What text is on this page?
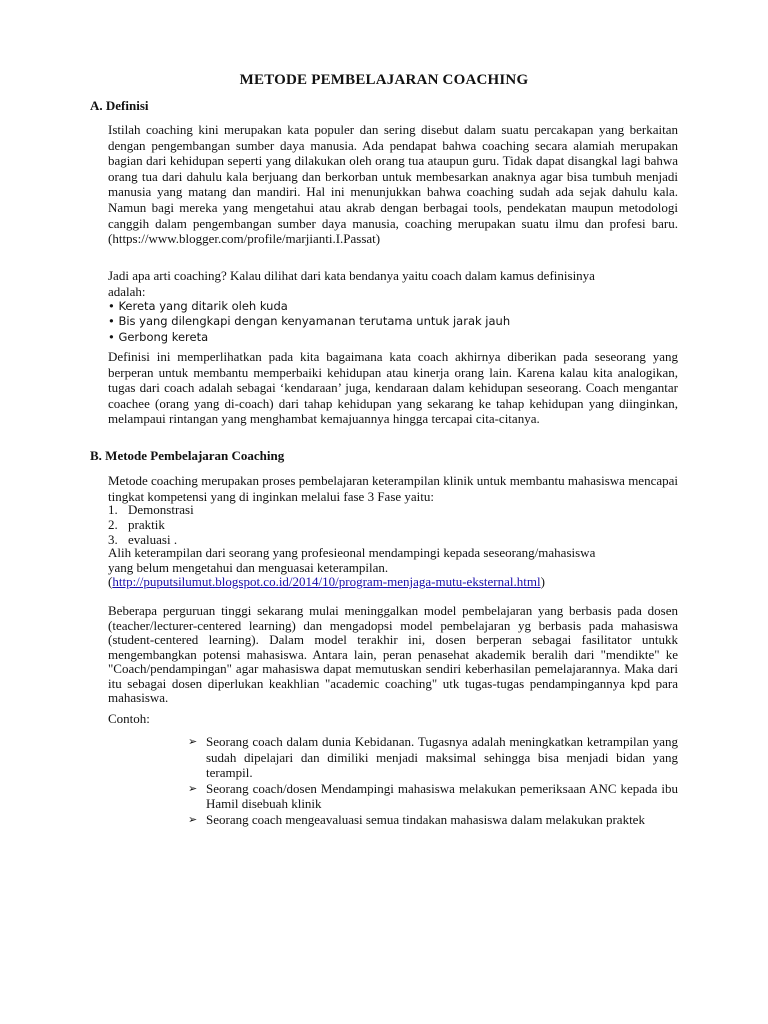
METODE PEMBELAJARAN COACHING
A. Definisi
Istilah coaching kini merupakan kata populer dan sering disebut dalam suatu percakapan yang berkaitan dengan pengembangan sumber daya manusia. Ada pendapat bahwa coaching secara alamiah merupakan bagian dari kehidupan seperti yang dilakukan oleh orang tua ataupun guru. Tidak dapat disangkal lagi bahwa orang tua dari dahulu kala berjuang dan berkorban untuk membesarkan anaknya agar bisa tumbuh menjadi manusia yang matang dan mandiri. Hal ini menunjukkan bahwa coaching sudah ada sejak dahulu kala. Namun bagi mereka yang mengetahui atau akrab dengan berbagai tools, pendekatan maupun metodologi canggih dalam pengembangan sumber daya manusia, coaching merupakan suatu ilmu dan profesi baru. (https://www.blogger.com/profile/marjianti.I.Passat)
Jadi apa arti coaching? Kalau dilihat dari kata bendanya yaitu coach dalam kamus definisinya
adalah:
• Kereta yang ditarik oleh kuda
• Bis yang dilengkapi dengan kenyamanan terutama untuk jarak jauh
• Gerbong kereta
Definisi ini memperlihatkan pada kita bagaimana kata coach akhirnya diberikan pada seseorang yang berperan untuk membantu memperbaiki kehidupan atau kinerja orang lain. Karena kalau kita analogikan, tugas dari coach adalah sebagai ‘kendaraan’ juga, kendaraan dalam kehidupan seseorang. Coach mengantar coachee (orang yang di-coach) dari tahap kehidupan yang sekarang ke tahap kehidupan yang diinginkan, melampaui rintangan yang menghambat kemajuannya hingga tercapai cita-citanya.
B. Metode Pembelajaran Coaching
Metode coaching merupakan proses pembelajaran keterampilan klinik untuk membantu mahasiswa mencapai tingkat kompetensi yang di inginkan melalui fase 3 Fase yaitu:
1. Demonstrasi
2. praktik
3. evaluasi .
Alih keterampilan dari seorang yang profesieonal mendampingi kepada seseorang/mahasiswa
yang belum mengetahui dan menguasai keterampilan.
(http://puputsilumut.blogspot.co.id/2014/10/program-menjaga-mutu-eksternal.html)
Beberapa perguruan tinggi sekarang mulai meninggalkan model pembelajaran yang berbasis pada dosen (teacher/lecturer-centered learning) dan mengadopsi model pembelajaran yg berbasis pada mahasiswa (student-centered learning). Dalam model terakhir ini, dosen berperan sebagai fasilitator untukk mengembangkan potensi mahasiswa. Antara lain, peran penasehat akademik beralih dari "mendikte" ke "Coach/pendampingan" agar mahasiswa dapat memutuskan sendiri keberhasilan pemelajarannya. Maka dari itu sebagai dosen diperlukan keakhlian "academic coaching" utk tugas-tugas pendampingannya kpd para mahasiswa.
Contoh:
➢ Seorang coach dalam dunia Kebidanan. Tugasnya adalah meningkatkan ketrampilan yang sudah dipelajari dan dimiliki menjadi maksimal sehingga bisa menjadi bidan yang terampil.
➢ Seorang coach/dosen Mendampingi mahasiswa melakukan pemeriksaan ANC kepada ibu Hamil disebuah klinik
➢ Seorang coach mengeavaluasi semua tindakan mahasiswa dalam melakukan praktek
